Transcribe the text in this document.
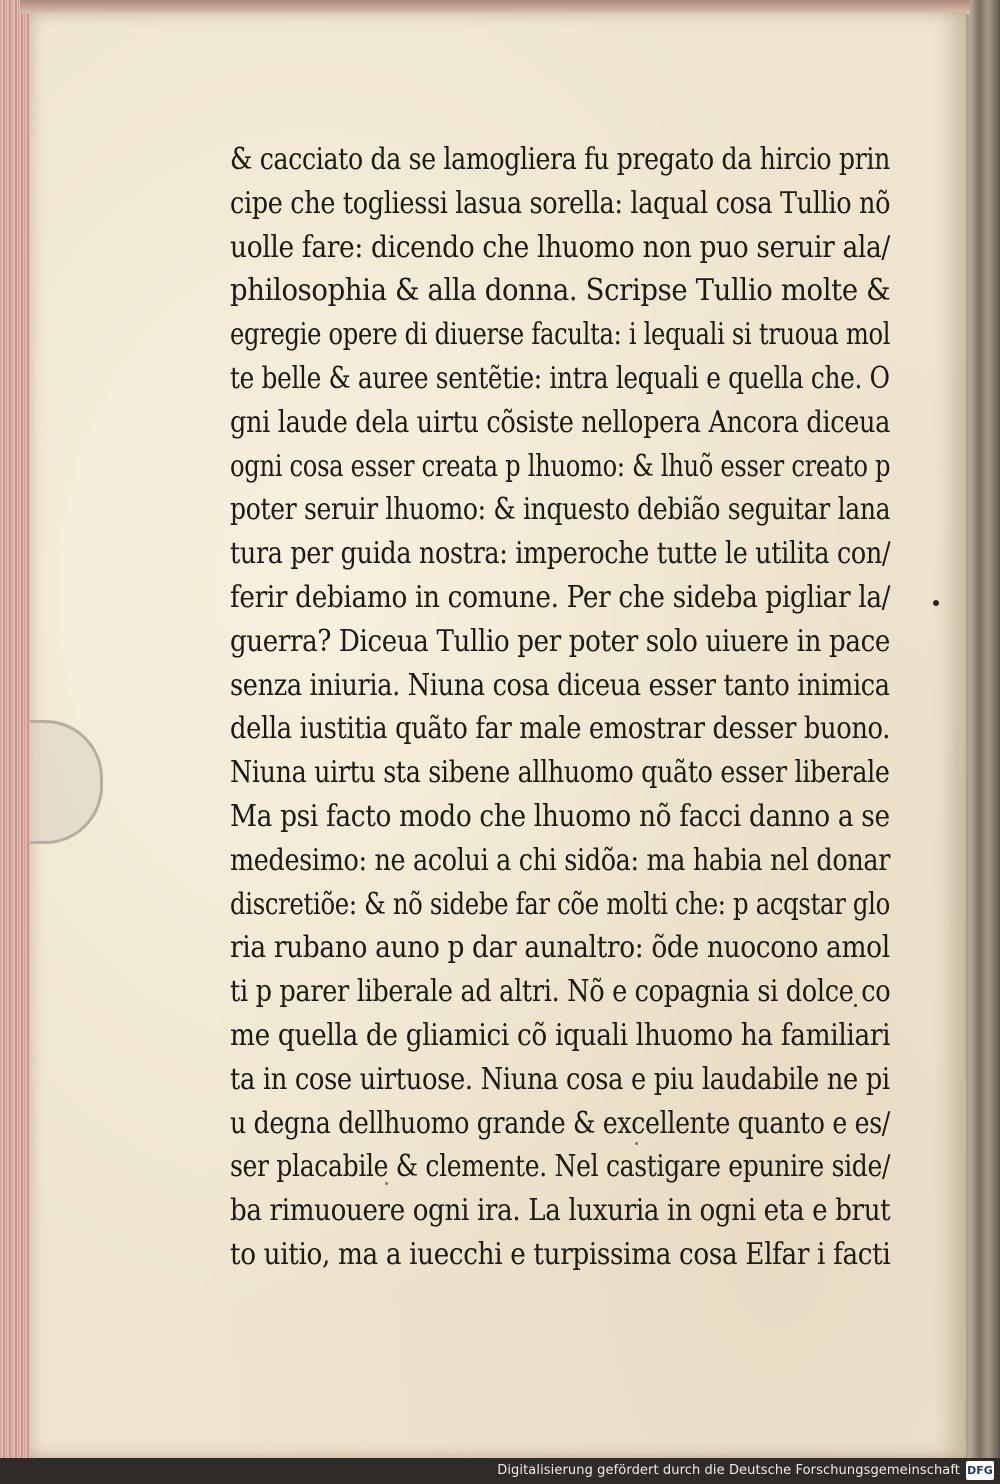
& cacciato da se lamogliera fu pregato da hircio prin
cipe che togliessi lasua sorella: laqual cosa Tullio nõ
uolle fare: dicendo che lhuomo non puo seruir ala/
philosophia & alla donna. Scripse Tullio molte &
egregie opere di diuerse faculta: i lequali si truoua mol
te belle & auree sentẽtie: intra lequali e quella che. O
gni laude dela uirtu cõsiste nellopera Ancora diceua
ogni cosa esser creata p lhuomo: & lhuõ esser creato p
poter seruir lhuomo: & inquesto debião seguitar lana
tura per guida nostra: imperoche tutte le utilita con/
ferir debiamo in comune. Per che sideba pigliar la/
guerra? Diceua Tullio per poter solo uiuere in pace
senza iniuria. Niuna cosa diceua esser tanto inimica
della iustitia quãto far male emostrar desser buono.
Niuna uirtu sta sibene allhuomo quãto esser liberale
Ma psi facto modo che lhuomo nõ facci danno a se
medesimo: ne acolui a chi sidõa: ma habia nel donar
discretiõe: & nõ sidebe far cõe molti che: p acqstar glo
ria rubano auno p dar aunaltro: õde nuocono amol
ti p parer liberale ad altri. Nõ e copagnia si dolce co
me quella de gliamici cõ iquali lhuomo ha familiari
ta in cose uirtuose. Niuna cosa e piu laudabile ne pi
u degna dellhuomo grande & excellente quanto e es/
ser placabile & clemente. Nel castigare epunire side/
ba rimuouere ogni ira. La luxuria in ogni eta e brut
to uitio, ma a iuecchi e turpissima cosa Elfar i facti
Digitalisierung gefördert durch die Deutsche Forschungsgemeinschaft DFG
